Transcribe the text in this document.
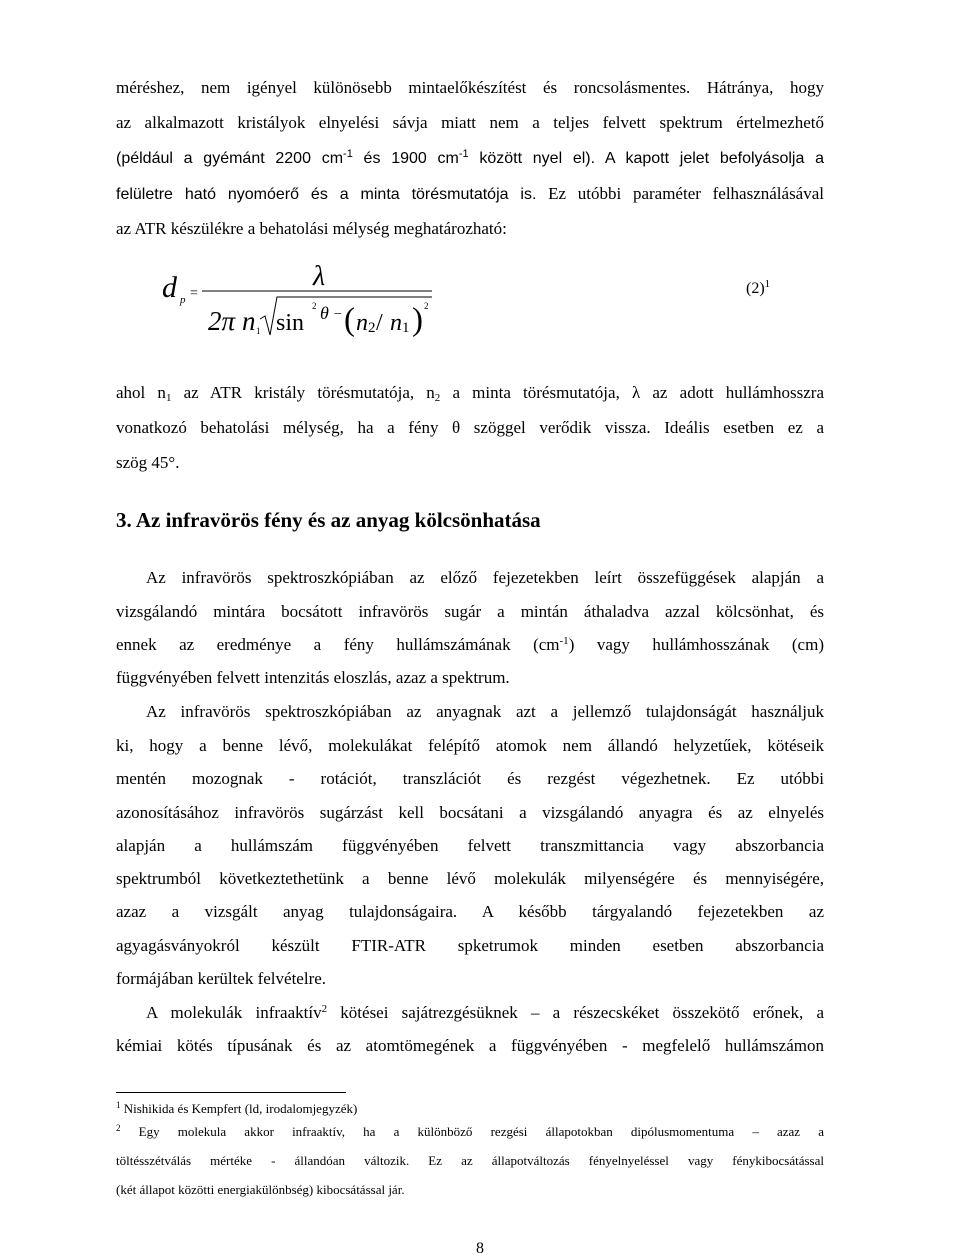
méréshez, nem igényel különösebb mintaelőkészítést és roncsolásmentes. Hátránya, hogy
az alkalmazott kristályok elnyelési sávja miatt nem a teljes felvett spektrum értelmezhető
(például a gyémánt 2200 $cm^{-1}$ és 1900 $cm^{-1}$ között nyel el). A kapott jelet befolyásolja a
felületre ható nyomóerő és a minta törésmutatója is. Ez utóbbi paraméter felhasználásával
az ATR készülékre a behatolási mélység meghatározható:
d p =
λ
2π n 1 sin
2 θ − ( n 2 / n 1 ) 2
$(2)^1$
ahol $n_1$ az ATR kristály törésmutatója, $n_2$ a minta törésmutatója, λ az adott hullámhosszra
vonatkozó behatolási mélység, ha a fény θ szöggel verődik vissza. Ideális esetben ez a
szög 45°.
3. Az infravörös fény és az anyag kölcsönhatása
Az infravörös spektroszkópiában az előző fejezetekben leírt összefüggések alapján a
vizsgálandó mintára bocsátott infravörös sugár a mintán áthaladva azzal kölcsönhat, és
ennek az eredménye a fény hullámszámának $(cm^{-1})$ vagy hullámhosszának (cm)
függvényében felvett intenzitás eloszlás, azaz a spektrum.
Az infravörös spektroszkópiában az anyagnak azt a jellemző tulajdonságát használjuk
ki, hogy a benne lévő, molekulákat felépítő atomok nem állandó helyzetűek, kötéseik
mentén mozognak - rotációt, transzlációt és rezgést végezhetnek. Ez utóbbi
azonosításához infravörös sugárzást kell bocsátani a vizsgálandó anyagra és az elnyelés
alapján a hullámszám függvényében felvett transzmittancia vagy abszorbancia
spektrumból következtethetünk a benne lévő molekulák milyenségére és mennyiségére,
azaz a vizsgált anyag tulajdonságaira. A később tárgyalandó fejezetekben az
agyagásványokról készült FTIR-ATR spketrumok minden esetben abszorbancia
formájában kerültek felvételre.
A molekulák infraaktív$^2$ kötései sajátrezgésüknek – a részecskéket összekötő erőnek, a
kémiai kötés típusának és az atomtömegének a függvényében - megfelelő hullámszámon
$^1$ Nishikida és Kempfert (ld, irodalomjegyzék)
$^2$ Egy molekula akkor infraaktív, ha a különböző rezgési állapotokban dipólusmomentuma – azaz a
töltésszétválás mértéke - állandóan változik. Ez az állapotváltozás fényelnyeléssel vagy fénykibocsátással
(két állapot közötti energiakülönbség) kibocsátással jár.
8
